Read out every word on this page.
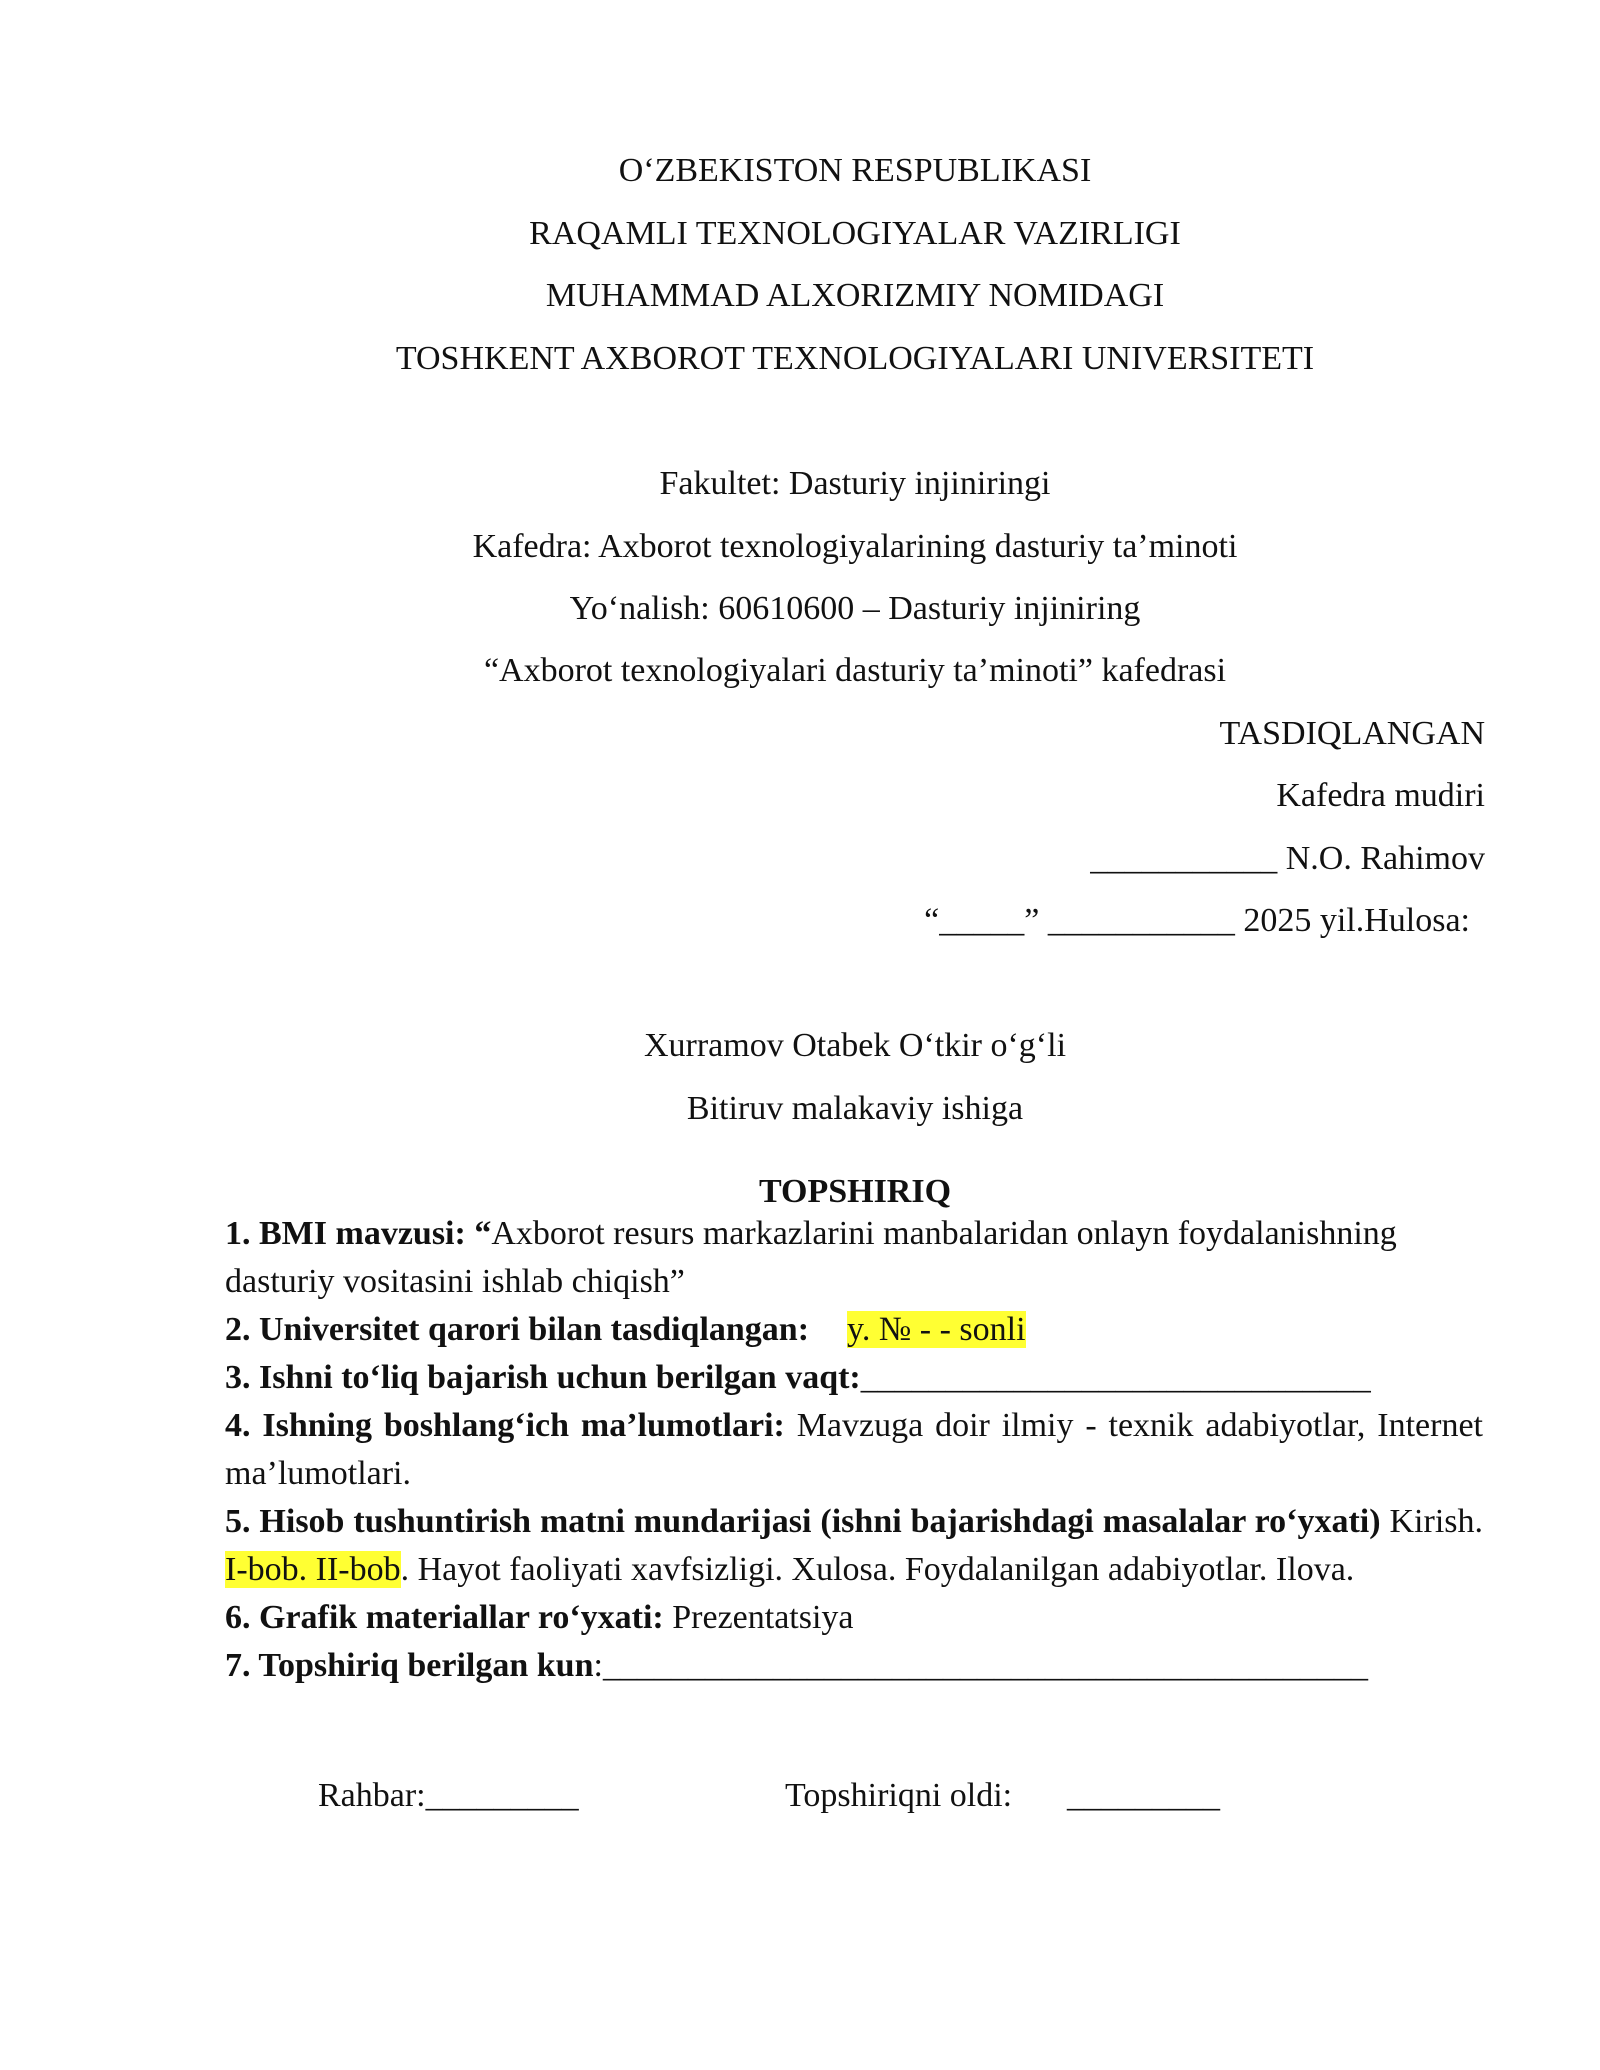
O‘ZBEKISTON RESPUBLIKASI
RAQAMLI TEXNOLOGIYALAR VAZIRLIGI
MUHAMMAD ALXORIZMIY NOMIDAGI
TOSHKENT AXBOROT TEXNOLOGIYALARI UNIVERSITETI
Fakultet: Dasturiy injiniringi
Kafedra: Axborot texnologiyalarining dasturiy ta’minoti
Yo‘nalish: 60610600 – Dasturiy injiniring
“Axborot texnologiyalari dasturiy ta’minoti” kafedrasi
TASDIQLANGAN
Kafedra mudiri
___________ N.O. Rahimov
“_____” ___________ 2025 yil.Hulosa:
Xurramov Otabek O‘tkir o‘g‘li
Bitiruv malakaviy ishiga
TOPSHIRIQ

1. BMI mavzusi: “Axborot resurs markazlarini manbalaridan onlayn foydalanishning dasturiy vositasini ishlab chiqish”

2. Universitet qarori bilan tasdiqlangan: y. № - - sonli

3. Ishni to‘liq bajarish uchun berilgan vaqt:______________________________

4. Ishning boshlang‘ich ma’lumotlari: Mavzuga doir ilmiy - texnik adabiyotlar, Internet ma’lumotlari.

5. Hisob tushuntirish matni mundarijasi (ishni bajarishdagi masalalar ro‘yxati) Kirish. I-bob. II-bob. Hayot faoliyati xavfsizligi. Xulosa. Foydalanilgan adabiyotlar. Ilova.

6. Grafik materiallar ro‘yxati: Prezentatsiya

7. Topshiriq berilgan kun:_____________________________________________

Rahbar:_________	Topshiriqni oldi: _________
